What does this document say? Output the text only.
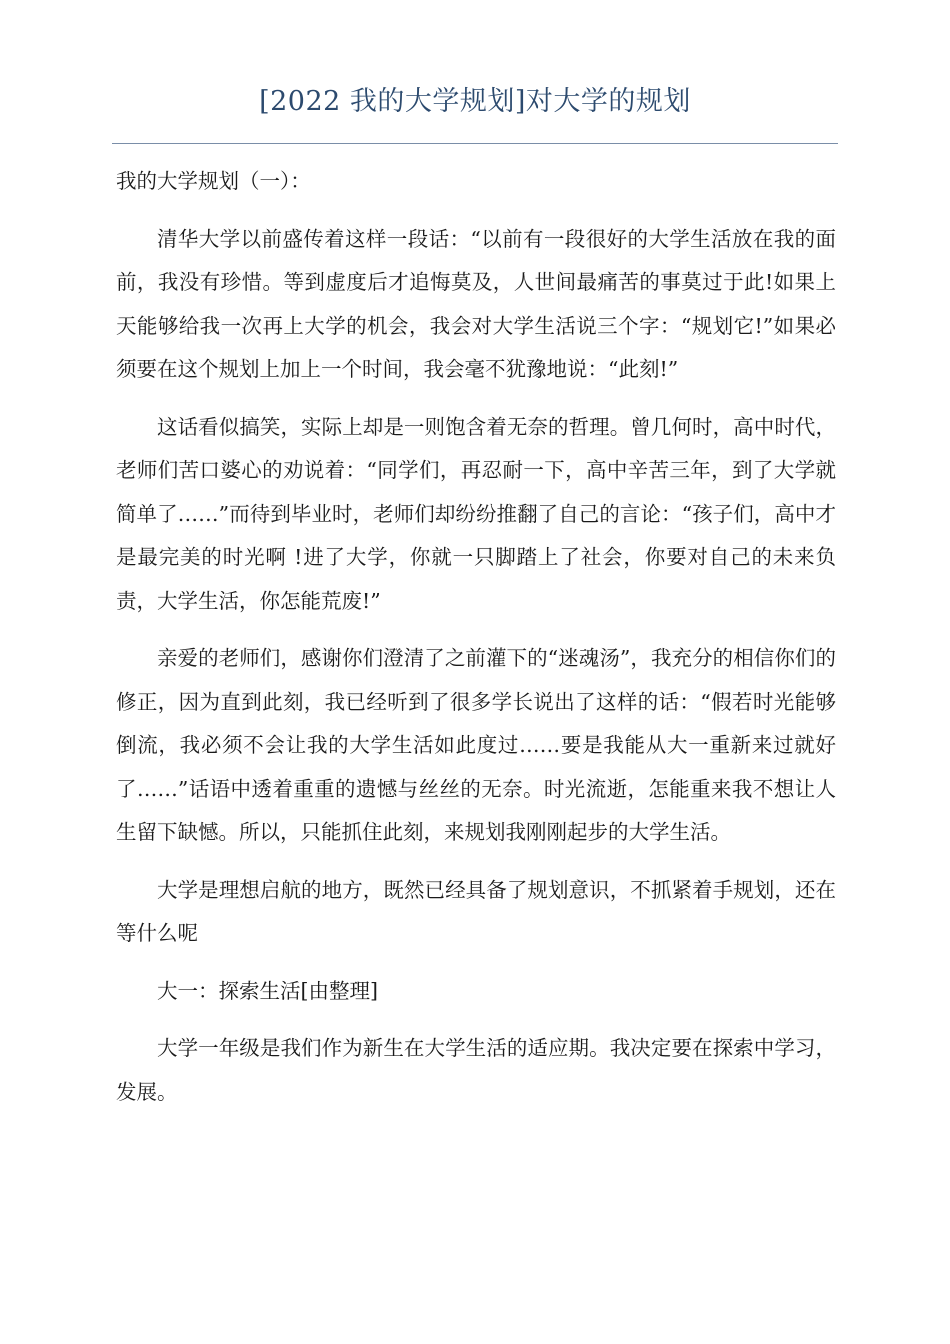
[2022 我的大学规划]对大学的规划

我的大学规划（一）：

清华大学以前盛传着这样一段话：“以前有一段很好的大学生活放在我的面前，我没有珍惜。等到虚度后才追悔莫及，人世间最痛苦的事莫过于此!如果上天能够给我一次再上大学的机会，我会对大学生活说三个字：“规划它!”如果必须要在这个规划上加上一个时间，我会毫不犹豫地说：“此刻!”

这话看似搞笑，实际上却是一则饱含着无奈的哲理。曾几何时，高中时代，老师们苦口婆心的劝说着：“同学们，再忍耐一下，高中辛苦三年，到了大学就简单了……”而待到毕业时，老师们却纷纷推翻了自己的言论：“孩子们，高中才是最完美的时光啊 !进了大学，你就一只脚踏上了社会，你要对自己的未来负责，大学生活，你怎能荒废!”

亲爱的老师们，感谢你们澄清了之前灌下的“迷魂汤”，我充分的相信你们的修正，因为直到此刻，我已经听到了很多学长说出了这样的话：“假若时光能够倒流，我必须不会让我的大学生活如此度过……要是我能从大一重新来过就好了……”话语中透着重重的遗憾与丝丝的无奈。时光流逝，怎能重来我不想让人生留下缺憾。所以，只能抓住此刻，来规划我刚刚起步的大学生活。

大学是理想启航的地方，既然已经具备了规划意识，不抓紧着手规划，还在等什么呢

大一：探索生活[由整理]

大学一年级是我们作为新生在大学生活的适应期。我决定要在探索中学习，发展。
